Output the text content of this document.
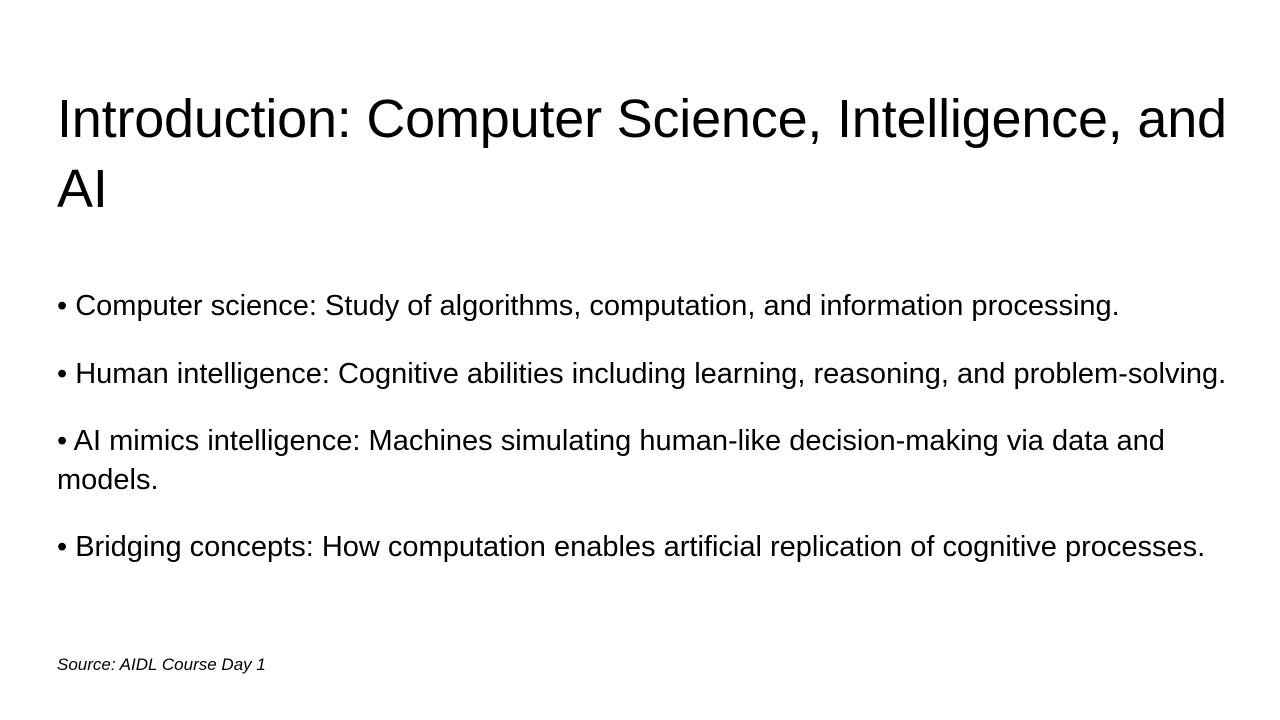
Introduction: Computer Science, Intelligence, and AI

• Computer science: Study of algorithms, computation, and information processing.

• Human intelligence: Cognitive abilities including learning, reasoning, and problem-solving.

• AI mimics intelligence: Machines simulating human-like decision-making via data and models.

• Bridging concepts: How computation enables artificial replication of cognitive processes.

Source: AIDL Course Day 1
